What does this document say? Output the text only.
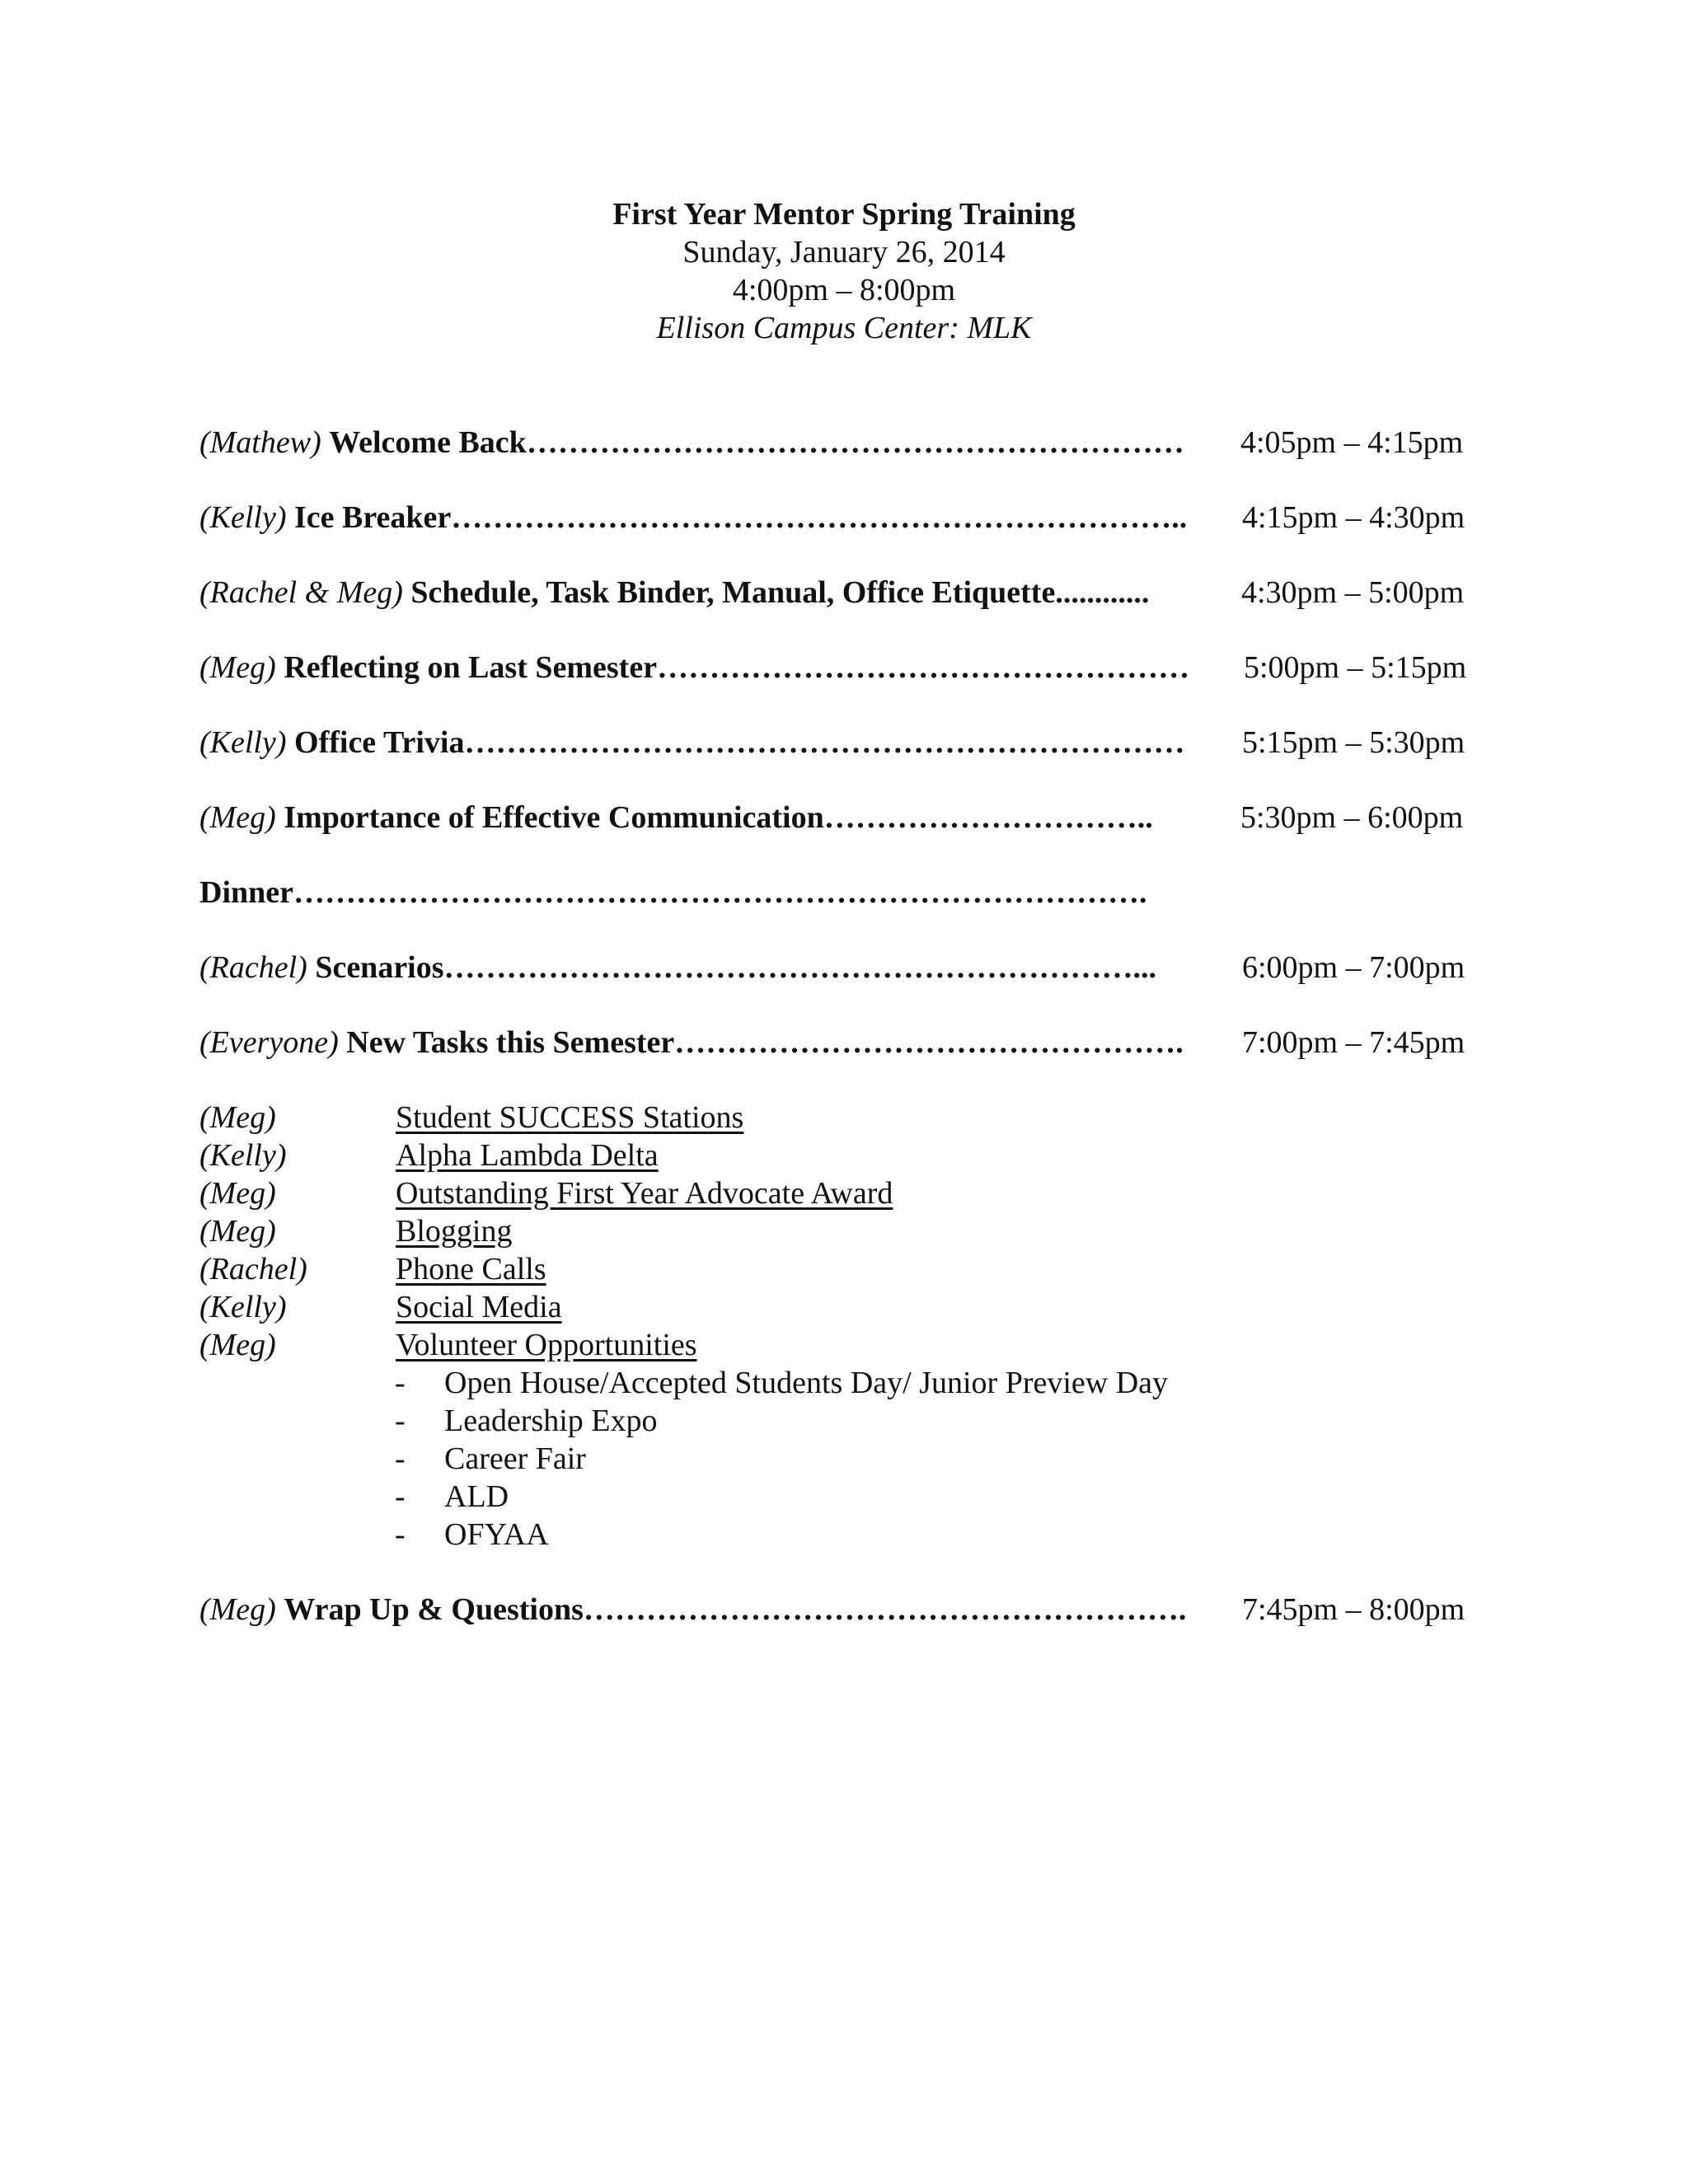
First Year Mentor Spring Training
Sunday, January 26, 2014
4:00pm – 8:00pm
Ellison Campus Center: MLK
(Mathew) Welcome Back……………………………………………………… 4:05pm – 4:15pm
(Kelly) Ice Breaker…………………………………………………………….. 4:15pm – 4:30pm
(Rachel & Meg) Schedule, Task Binder, Manual, Office Etiquette............	4:30pm – 5:00pm
(Meg) Reflecting on Last Semester…………………………………………… 5:00pm – 5:15pm
(Kelly) Office Trivia…………………………………………………………… 5:15pm – 5:30pm
(Meg) Importance of Effective Communication…………………………..	5:30pm – 6:00pm
Dinner……………………………………………………………………….
(Rachel) Scenarios…………………………………………………………...	6:00pm – 7:00pm
(Everyone) New Tasks this Semester…………………………………………. 7:00pm – 7:45pm
(Meg)	Student SUCCESS Stations
(Kelly)	Alpha Lambda Delta
(Meg)	Outstanding First Year Advocate Award
(Meg)	Blogging
(Rachel)	Phone Calls
(Kelly)	Social Media
(Meg)	Volunteer Opportunities
- Open House/Accepted Students Day/ Junior Preview Day
- Leadership Expo
- Career Fair
- ALD
- OFYAA
(Meg) Wrap Up & Questions…………………………………………………. 7:45pm – 8:00pm
